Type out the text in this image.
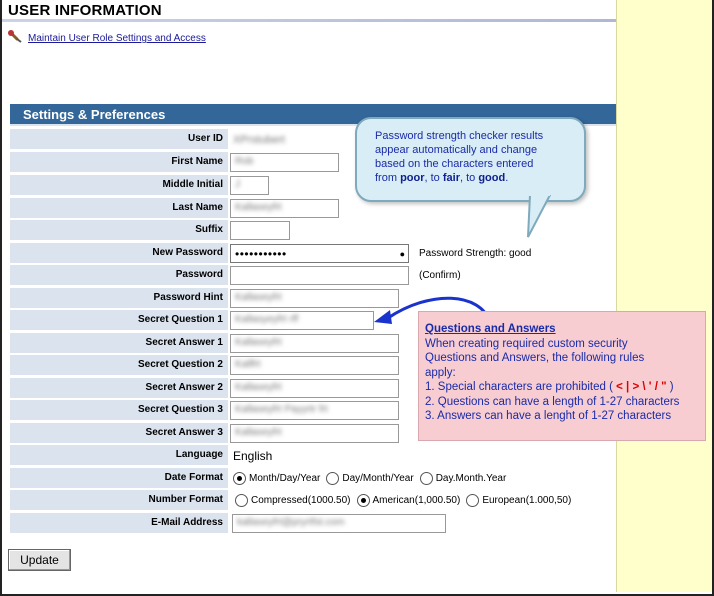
USER INFORMATION
Maintain User Role Settings and Access
Settings & Preferences
User ID XPrstubert
First Name	Rob
Middle Initial	J
Last Name	Kallaseyfrt
Suffix
New Password	•••••••••••	●​ Password Strength: good
Password	(Confirm)
Password Hint	Kallaseyfrt
Secret Question 1	Kallasyeyfrt rff
Secret Answer 1	Kallaseyfrt
Secret Question 2	Kallfrt
Secret Answer 2	Kallaseyfrt
Secret Question 3	Kallaseyfrt Payyrtr frt
Secret Answer 3	Kallaseyfrt
Language English
Date Format	Month/Day/Year Day/Month/Year Day.Month.Year
Number Format	Compressed(1000.50) American(1,000.50) European(1.000,50)
E-Mail Address	kallaseyfrt@pryrtfst.com
Update
Password strength checker results
appear automatically and change
based on the characters entered
from poor, to fair, to good.
Questions and Answers
When creating required custom security
Questions and Answers, the following rules
apply:
1. Special characters are prohibited ( < | > \ ' / " )
2. Questions can have a length of 1-27 characters
3. Answers can have a lenght of 1-27 characters
